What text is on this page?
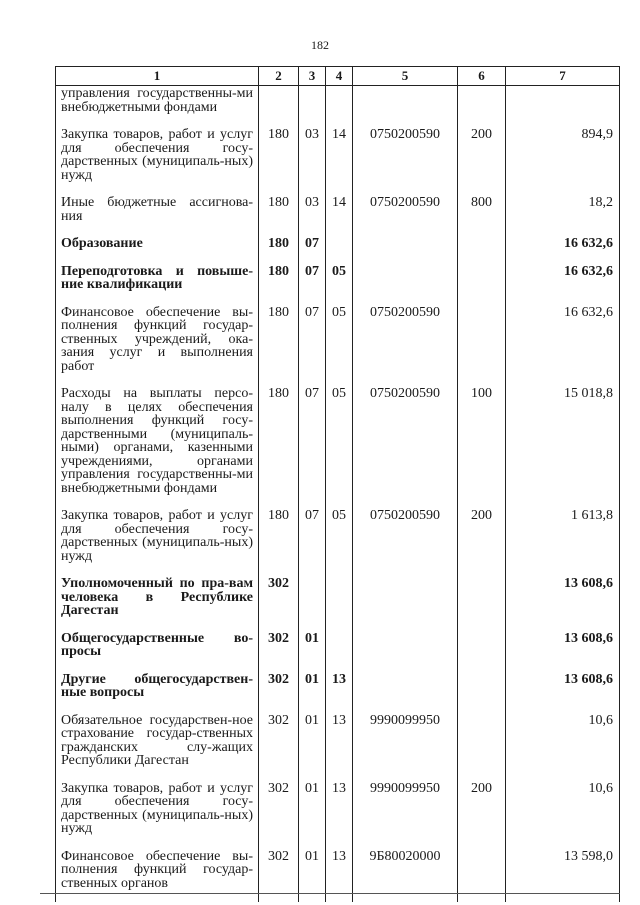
182
1	2	3	4	5	6	7
управления государственны-ми внебюджетными фондами						
Закупка товаров, работ и услуг для обеспечения госу-дарственных (муниципаль-ных) нужд	180	03	14	0750200590	200	894,9
Иные бюджетные ассигнова-ния	180	03	14	0750200590	800	18,2
Образование	180	07				16 632,6
Переподготовка и повыше-ние квалификации	180	07	05			16 632,6
Финансовое обеспечение вы-полнения функций государ-ственных учреждений, ока-зания услуг и выполнения работ	180	07	05	0750200590		16 632,6
Расходы на выплаты персо-налу в целях обеспечения выполнения функций госу-дарственными (муниципаль-ными) органами, казенными учреждениями, органами управления государственны-ми внебюджетными фондами	180	07	05	0750200590	100	15 018,8
Закупка товаров, работ и услуг для обеспечения госу-дарственных (муниципаль-ных) нужд	180	07	05	0750200590	200	1 613,8
Уполномоченный по пра-вам человека в Республике Дагестан	302					13 608,6
Общегосударственные во-просы	302	01				13 608,6
Другие общегосударствен-ные вопросы	302	01	13			13 608,6
Обязательное государствен-ное страхование государ-ственных гражданских слу-жащих Республики Дагестан	302	01	13	9990099950		10,6
Закупка товаров, работ и услуг для обеспечения госу-дарственных (муниципаль-ных) нужд	302	01	13	9990099950	200	10,6
Финансовое обеспечение вы-полнения функций государ-ственных органов	302	01	13	9Б80020000		13 598,0
